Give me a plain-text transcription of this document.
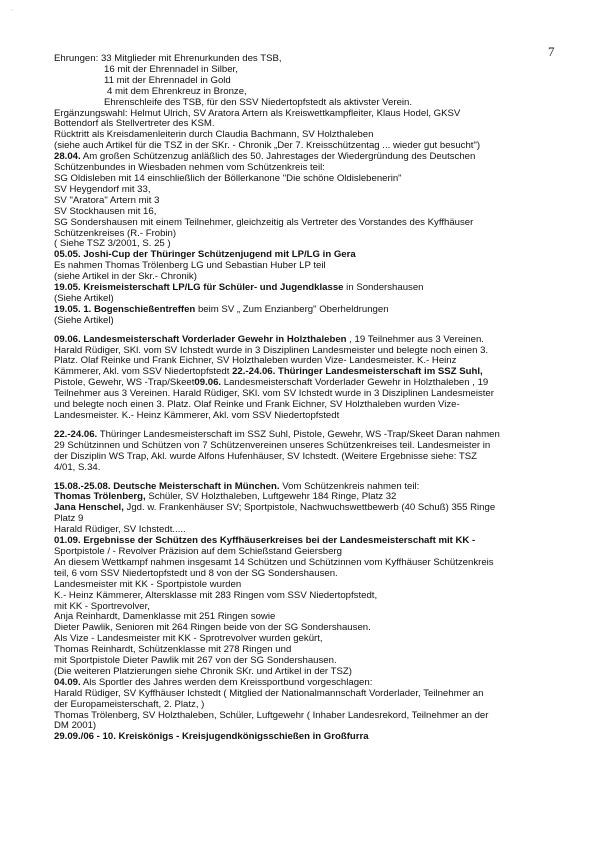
~
7

Ehrungen: 33 Mitglieder mit Ehrenurkunden des TSB,

16 mit der Ehrennadel in Silber,

11 mit der Ehrennadel in Gold

4 mit dem Ehrenkreuz in Bronze,

Ehrenschleife des TSB, für den SSV Niedertopfstedt als aktivster Verein.

Ergänzungswahl: Helmut Ulrich, SV Aratora Artern als Kreiswettkampfleiter, Klaus Hodel, GKSV

Bottendorf als Stellvertreter des KSM.

Rücktritt als Kreisdamenleiterin durch Claudia Bachmann, SV Holzthaleben

(siehe auch Artikel für die TSZ in der SKr. - Chronik „Der 7. Kreisschützentag ... wieder gut besucht")

28.04. Am großen Schützenzug anläßlich des 50. Jahrestages der Wiedergründung des Deutschen

Schützenbundes in Wiesbaden nehmen vom Schützenkreis teil:

SG Oldisleben mit 14 einschließlich der Böllerkanone "Die schöne Oldislebenerin"

SV Heygendorf mit 33,

SV "Aratora" Artern mit 3

SV Stockhausen mit 16,

SG Sondershausen mit einem Teilnehmer, gleichzeitig als Vertreter des Vorstandes des Kyffhäuser

Schützenkreises (R.- Frobin)

( Siehe TSZ 3/2001, S. 25 )

05.05. Joshi-Cup der Thüringer Schützenjugend mit LP/LG in Gera

Es nahmen Thomas Trölenberg LG und Sebastian Huber LP teil

(siehe Artikel in der Skr.- Chronik)

19.05. Kreismeisterschaft LP/LG für Schüler- und Jugendklasse in Sondershausen

(Siehe Artikel)

19.05. 1. Bogenschießentreffen beim SV „ Zum Enzianberg" Oberheldrungen

(Siehe Artikel)

09.06. Landesmeisterschaft Vorderlader Gewehr in Holzthaleben , 19 Teilnehmer aus 3 Vereinen.

Harald Rüdiger, SKl. vom SV Ichstedt wurde in 3 Disziplinen Landesmeister und belegte noch einen 3.

Platz. Olaf Reinke und Frank Eichner, SV Holzthaleben wurden Vize- Landesmeister. K.- Heinz

Kämmerer, Akl. vom SSV Niedertopfstedt 22.-24.06. Thüringer Landesmeisterschaft im SSZ Suhl,

Pistole, Gewehr, WS -Trap/Skeet09.06. Landesmeisterschaft Vorderlader Gewehr in Holzthaleben , 19

Teilnehmer aus 3 Vereinen. Harald Rüdiger, SKl. vom SV Ichstedt wurde in 3 Disziplinen Landesmeister

und belegte noch einen 3. Platz. Olaf Reinke und Frank Eichner, SV Holzthaleben wurden Vize-

Landesmeister. K.- Heinz Kämmerer, Akl. vom SSV Niedertopfstedt

22.-24.06. Thüringer Landesmeisterschaft im SSZ Suhl, Pistole, Gewehr, WS -Trap/Skeet Daran nahmen

29 Schützinnen und Schützen von 7 Schützenvereinen unseres Schützenkreises teil. Landesmeister in

der Disziplin WS Trap, Akl. wurde Alfons Hufenhäuser, SV Ichstedt. (Weitere Ergebnisse siehe: TSZ

4/01, S.34.

15.08.-25.08. Deutsche Meisterschaft in München. Vom Schützenkreis nahmen teil:

Thomas Trölenberg, Schüler, SV Holzthaleben, Luftgewehr 184 Ringe, Platz 32

Jana Henschel, Jgd. w. Frankenhäuser SV; Sportpistole, Nachwuchswettbewerb (40 Schuß) 355 Ringe

Platz 9

Harald Rüdiger, SV Ichstedt.....

01.09. Ergebnisse der Schützen des Kyffhäuserkreises bei der Landesmeisterschaft mit KK -

Sportpistole / - Revolver Präzision auf dem Schießstand Geiersberg

An diesem Wettkampf nahmen insgesamt 14 Schützen und Schützinnen vom Kyffhäuser Schützenkreis

teil, 6 vom SSV Niedertopfstedt und 8 von der SG Sondershausen.

Landesmeister mit KK - Sportpistole wurden

K.- Heinz Kämmerer, Altersklasse mit 283 Ringen vom SSV Niedertopfstedt,

mit KK - Sportrevolver,

Anja Reinhardt, Damenklasse mit 251 Ringen sowie

Dieter Pawlik, Senioren mit 264 Ringen beide von der SG Sondershausen.

Als Vize - Landesmeister mit KK - Sprotrevolver wurden gekürt,

Thomas Reinhardt, Schützenklasse mit 278 Ringen und

mit Sportpistole Dieter Pawlik mit 267 von der SG Sondershausen.

(Die weiteren Platzierungen siehe Chronik SKr. und Artikel in der TSZ)

04.09. Als Sportler des Jahres werden dem Kreissportbund vorgeschlagen:

Harald Rüdiger, SV Kyffhäuser Ichstedt ( Mitglied der Nationalmannschaft Vorderlader, Teilnehmer an

der Europameisterschaft, 2. Platz, )

Thomas Trölenberg, SV Holzthaleben, Schüler, Luftgewehr ( Inhaber Landesrekord, Teilnehmer an der

DM 2001)

29.09./06 - 10. Kreiskönigs - Kreisjugendkönigsschießen in Großfurra
